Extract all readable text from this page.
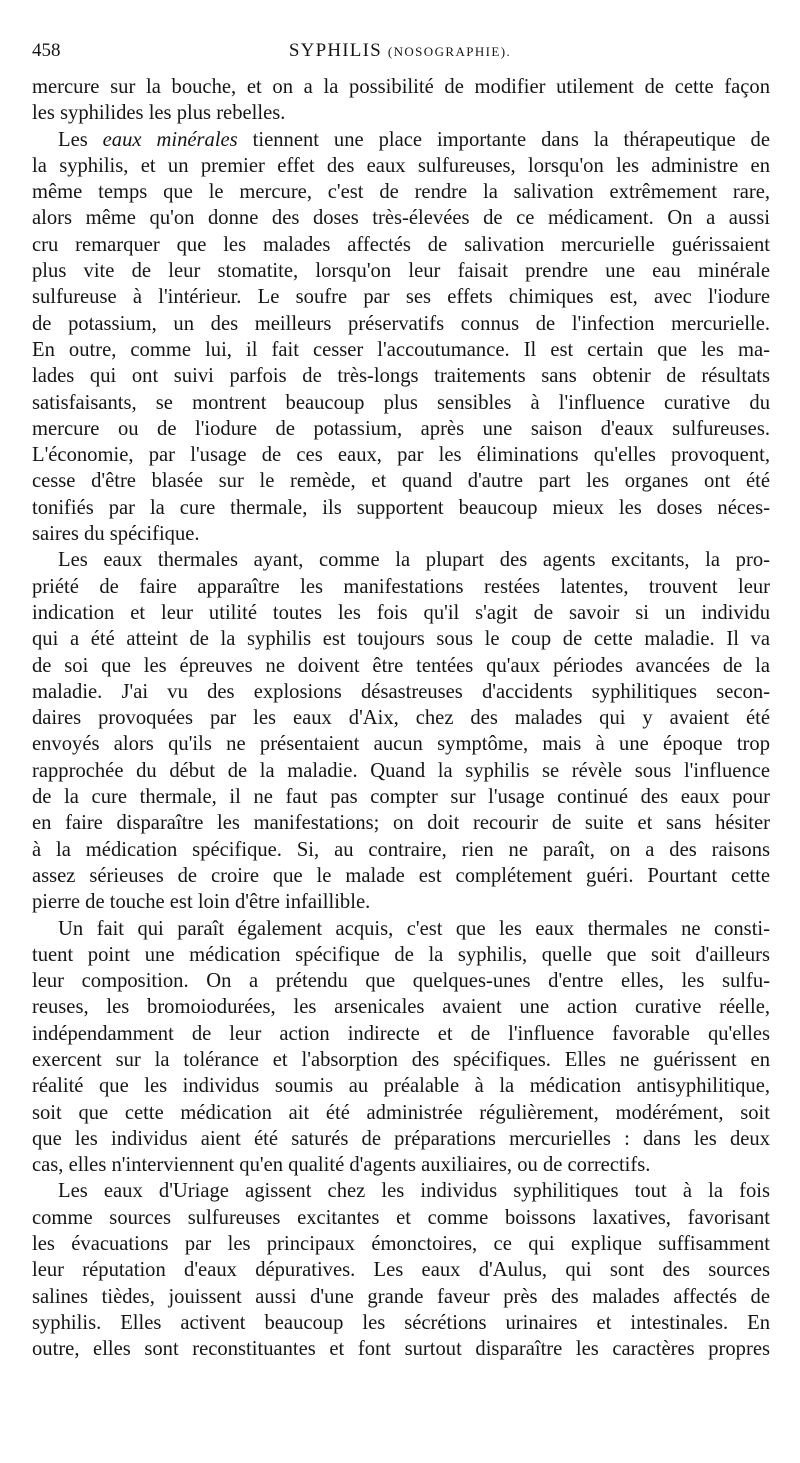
458	SYPHILIS (NOSOGRAPHIE).
mercure sur la bouche, et on a la possibilité de modifier utilement de cette façon
les syphilides les plus rebelles.
Les eaux minérales tiennent une place importante dans la thérapeutique de
la syphilis, et un premier effet des eaux sulfureuses, lorsqu'on les administre en
même temps que le mercure, c'est de rendre la salivation extrêmement rare,
alors même qu'on donne des doses très-élevées de ce médicament. On a aussi
cru remarquer que les malades affectés de salivation mercurielle guérissaient
plus vite de leur stomatite, lorsqu'on leur faisait prendre une eau minérale
sulfureuse à l'intérieur. Le soufre par ses effets chimiques est, avec l'iodure
de potassium, un des meilleurs préservatifs connus de l'infection mercurielle.
En outre, comme lui, il fait cesser l'accoutumance. Il est certain que les ma-
lades qui ont suivi parfois de très-longs traitements sans obtenir de résultats
satisfaisants, se montrent beaucoup plus sensibles à l'influence curative du
mercure ou de l'iodure de potassium, après une saison d'eaux sulfureuses.
L'économie, par l'usage de ces eaux, par les éliminations qu'elles provoquent,
cesse d'être blasée sur le remède, et quand d'autre part les organes ont été
tonifiés par la cure thermale, ils supportent beaucoup mieux les doses néces-
saires du spécifique.
Les eaux thermales ayant, comme la plupart des agents excitants, la pro-
priété de faire apparaître les manifestations restées latentes, trouvent leur
indication et leur utilité toutes les fois qu'il s'agit de savoir si un individu
qui a été atteint de la syphilis est toujours sous le coup de cette maladie. Il va
de soi que les épreuves ne doivent être tentées qu'aux périodes avancées de la
maladie. J'ai vu des explosions désastreuses d'accidents syphilitiques secon-
daires provoquées par les eaux d'Aix, chez des malades qui y avaient été
envoyés alors qu'ils ne présentaient aucun symptôme, mais à une époque trop
rapprochée du début de la maladie. Quand la syphilis se révèle sous l'influence
de la cure thermale, il ne faut pas compter sur l'usage continué des eaux pour
en faire disparaître les manifestations; on doit recourir de suite et sans hésiter
à la médication spécifique. Si, au contraire, rien ne paraît, on a des raisons
assez sérieuses de croire que le malade est complétement guéri. Pourtant cette
pierre de touche est loin d'être infaillible.
Un fait qui paraît également acquis, c'est que les eaux thermales ne consti-
tuent point une médication spécifique de la syphilis, quelle que soit d'ailleurs
leur composition. On a prétendu que quelques-unes d'entre elles, les sulfu-
reuses, les bromoiodurées, les arsenicales avaient une action curative réelle,
indépendamment de leur action indirecte et de l'influence favorable qu'elles
exercent sur la tolérance et l'absorption des spécifiques. Elles ne guérissent en
réalité que les individus soumis au préalable à la médication antisyphilitique,
soit que cette médication ait été administrée régulièrement, modérément, soit
que les individus aient été saturés de préparations mercurielles : dans les deux
cas, elles n'interviennent qu'en qualité d'agents auxiliaires, ou de correctifs.
Les eaux d'Uriage agissent chez les individus syphilitiques tout à la fois
comme sources sulfureuses excitantes et comme boissons laxatives, favorisant
les évacuations par les principaux émonctoires, ce qui explique suffisamment
leur réputation d'eaux dépuratives. Les eaux d'Aulus, qui sont des sources
salines tièdes, jouissent aussi d'une grande faveur près des malades affectés de
syphilis. Elles activent beaucoup les sécrétions urinaires et intestinales. En
outre, elles sont reconstituantes et font surtout disparaître les caractères propres
